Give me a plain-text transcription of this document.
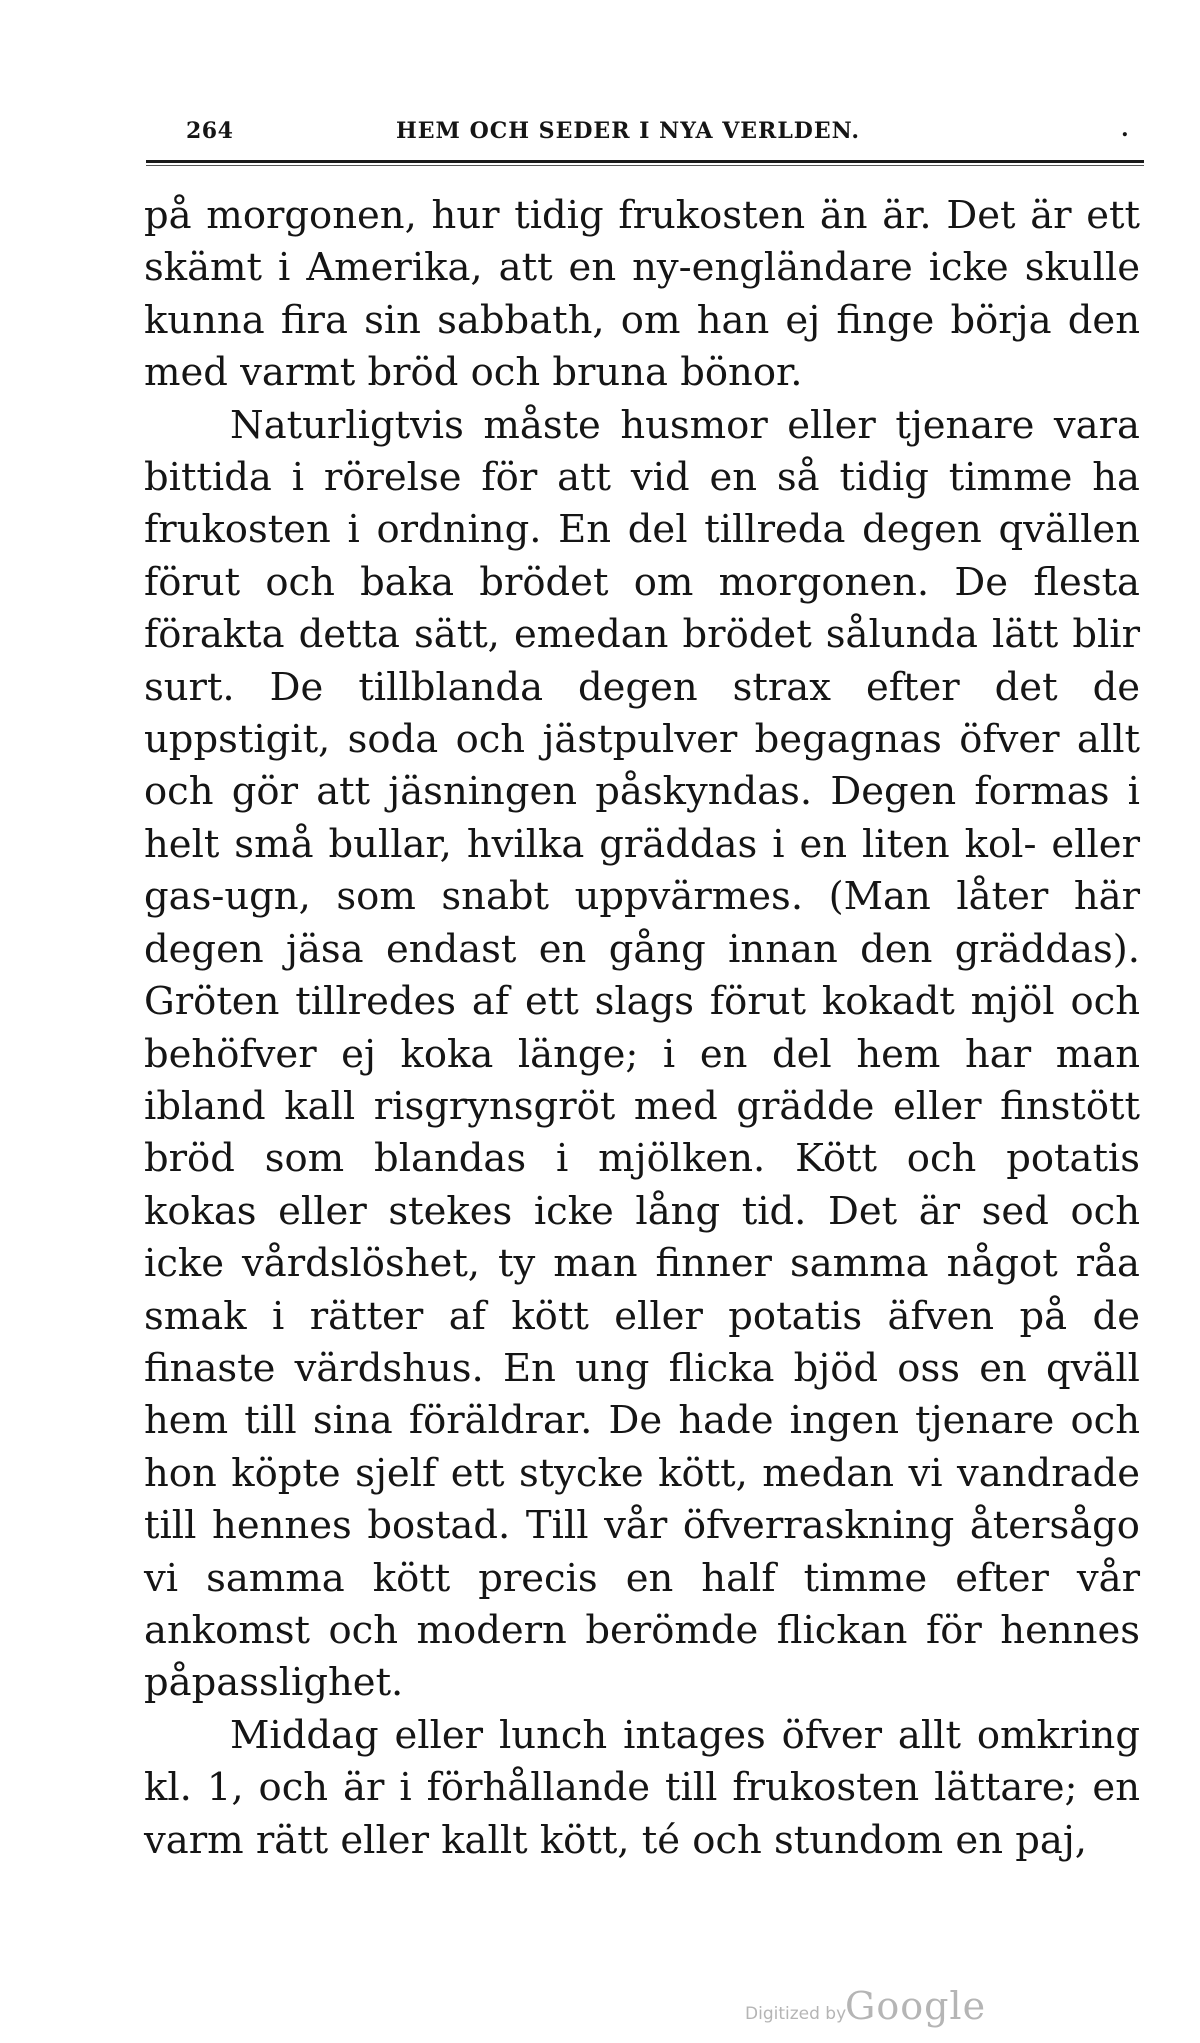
264	HEM OCH SEDER I NYA VERLDEN.	.

på morgonen, hur tidig frukosten än är. Det är ett skämt i Amerika, att en ny-engländare icke skulle kunna fira sin sabbath, om han ej finge börja den med varmt bröd och bruna bönor.

Naturligtvis måste husmor eller tjenare vara bittida i rörelse för att vid en så tidig timme ha frukosten i ordning. En del tillreda degen qvällen förut och baka brödet om morgonen. De flesta förakta detta sätt, emedan brödet sålunda lätt blir surt. De tillblanda degen strax efter det de uppstigit, soda och jästpulver begagnas öfver allt och gör att jäsningen påskyndas. Degen formas i helt små bullar, hvilka gräddas i en liten kol- eller gas-ugn, som snabt uppvärmes. (Man låter här degen jäsa endast en gång innan den gräddas). Gröten tillredes af ett slags förut kokadt mjöl och behöfver ej koka länge; i en del hem har man ibland kall risgrynsgröt med grädde eller finstött bröd som blandas i mjölken. Kött och potatis kokas eller stekes icke lång tid. Det är sed och icke vårdslöshet, ty man finner samma något råa smak i rätter af kött eller potatis äfven på de finaste värdshus. En ung flicka bjöd oss en qväll hem till sina föräldrar. De hade ingen tjenare och hon köpte sjelf ett stycke kött, medan vi vandrade till hennes bostad. Till vår öfverraskning återsågo vi samma kött precis en half timme efter vår ankomst och modern berömde flickan för hennes påpasslighet.

Middag eller lunch intages öfver allt omkring kl. 1, och är i förhållande till frukosten lättare; en varm rätt eller kallt kött, té och stundom en paj,

Digitized by
Google
